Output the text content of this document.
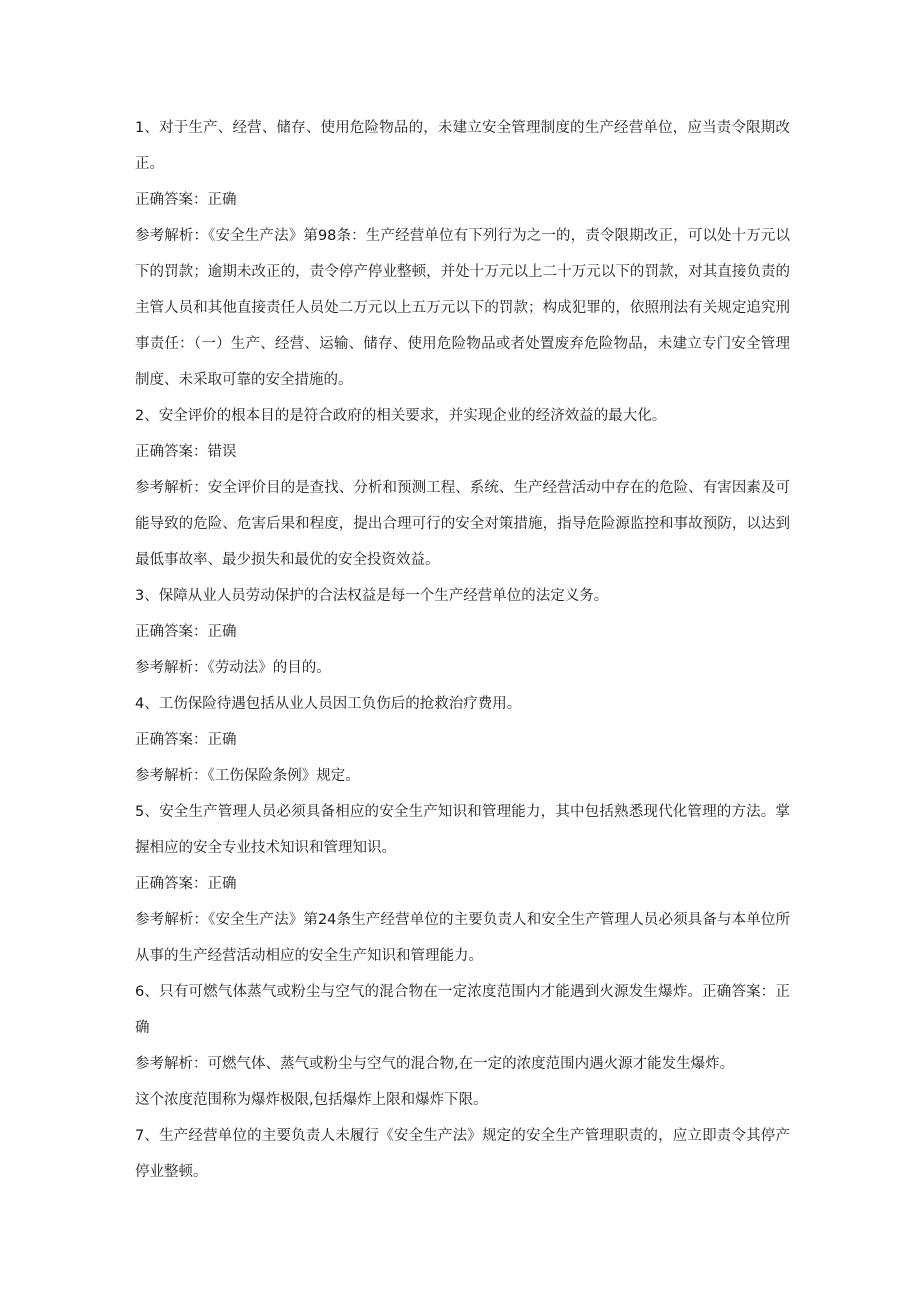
1、对于生产、经营、储存、使用危险物品的，未建立安全管理制度的生产经营单位，应当责令限期改正。

正确答案：正确

参考解析：《安全生产法》第98条：生产经营单位有下列行为之一的，责令限期改正，可以处十万元以下的罚款；逾期未改正的，责令停产停业整顿，并处十万元以上二十万元以下的罚款，对其直接负责的主管人员和其他直接责任人员处二万元以上五万元以下的罚款；构成犯罪的，依照刑法有关规定追究刑事责任：（一）生产、经营、运输、储存、使用危险物品或者处置废弃危险物品，未建立专门安全管理制度、未采取可靠的安全措施的。

2、安全评价的根本目的是符合政府的相关要求，并实现企业的经济效益的最大化。

正确答案：错误

参考解析：安全评价目的是查找、分析和预测工程、系统、生产经营活动中存在的危险、有害因素及可能导致的危险、危害后果和程度，提出合理可行的安全对策措施，指导危险源监控和事故预防，以达到最低事故率、最少损失和最优的安全投资效益。

3、保障从业人员劳动保护的合法权益是每一个生产经营单位的法定义务。

正确答案：正确

参考解析：《劳动法》的目的。

4、工伤保险待遇包括从业人员因工负伤后的抢救治疗费用。

正确答案：正确

参考解析：《工伤保险条例》规定。

5、安全生产管理人员必须具备相应的安全生产知识和管理能力，其中包括熟悉现代化管理的方法。掌握相应的安全专业技术知识和管理知识。

正确答案：正确

参考解析：《安全生产法》第24条生产经营单位的主要负责人和安全生产管理人员必须具备与本单位所从事的生产经营活动相应的安全生产知识和管理能力。

6、只有可燃气体蒸气或粉尘与空气的混合物在一定浓度范围内才能遇到火源发生爆炸。正确答案：正确

参考解析：可燃气体、蒸气或粉尘与空气的混合物,在一定的浓度范围内遇火源才能发生爆炸。

这个浓度范围称为爆炸极限,包括爆炸上限和爆炸下限。

7、生产经营单位的主要负责人未履行《安全生产法》规定的安全生产管理职责的，应立即责令其停产停业整顿。
